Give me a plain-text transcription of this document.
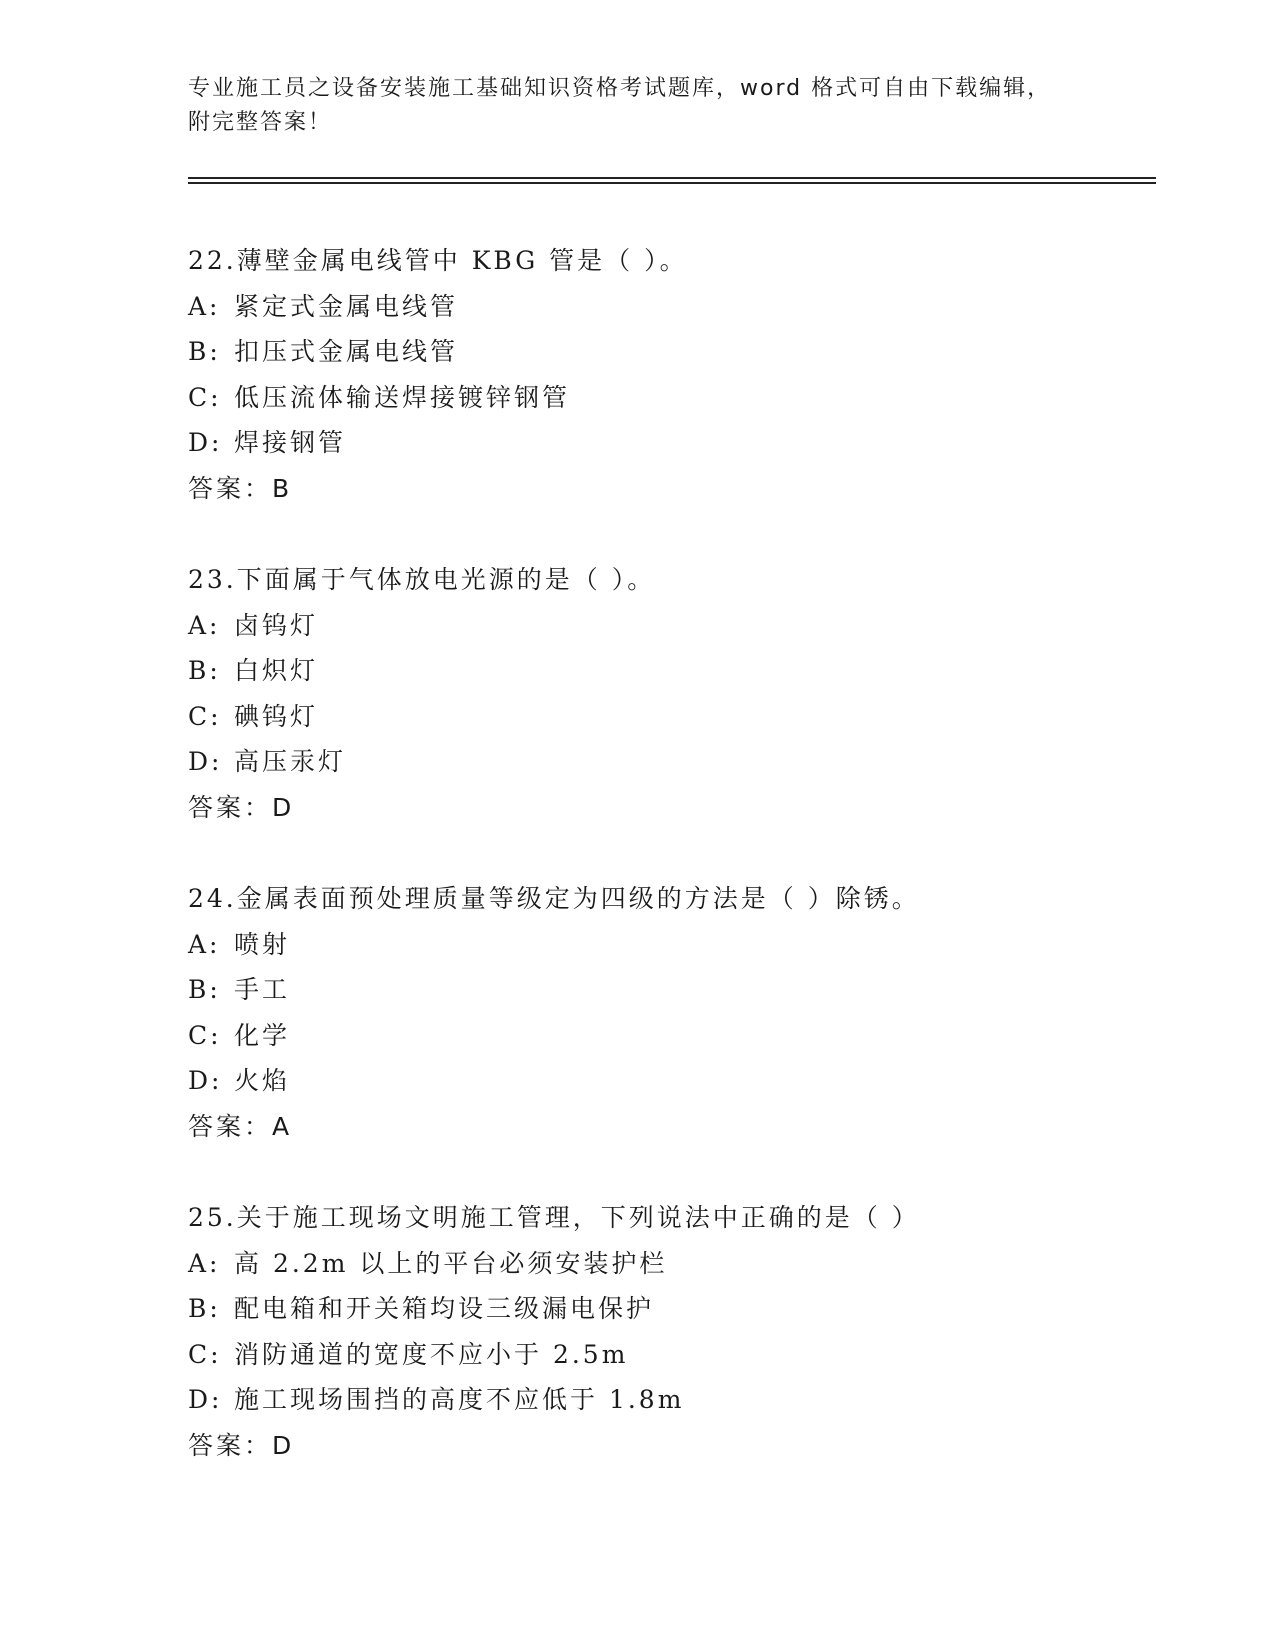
专业施工员之设备安装施工基础知识资格考试题库，word 格式可自由下载编辑，
附完整答案！
22.薄壁金属电线管中 KBG 管是（ ）。
A: 紧定式金属电线管
B: 扣压式金属电线管
C: 低压流体输送焊接镀锌钢管
D: 焊接钢管
答案：B
23.下面属于气体放电光源的是（ ）。
A: 卤钨灯
B: 白炽灯
C: 碘钨灯
D: 高压汞灯
答案：D
24.金属表面预处理质量等级定为四级的方法是（ ）除锈。
A: 喷射
B: 手工
C: 化学
D: 火焰
答案：A
25.关于施工现场文明施工管理，下列说法中正确的是（ ）
A: 高 2.2m 以上的平台必须安装护栏
B: 配电箱和开关箱均设三级漏电保护
C: 消防通道的宽度不应小于 2.5m
D: 施工现场围挡的高度不应低于 1.8m
答案：D
